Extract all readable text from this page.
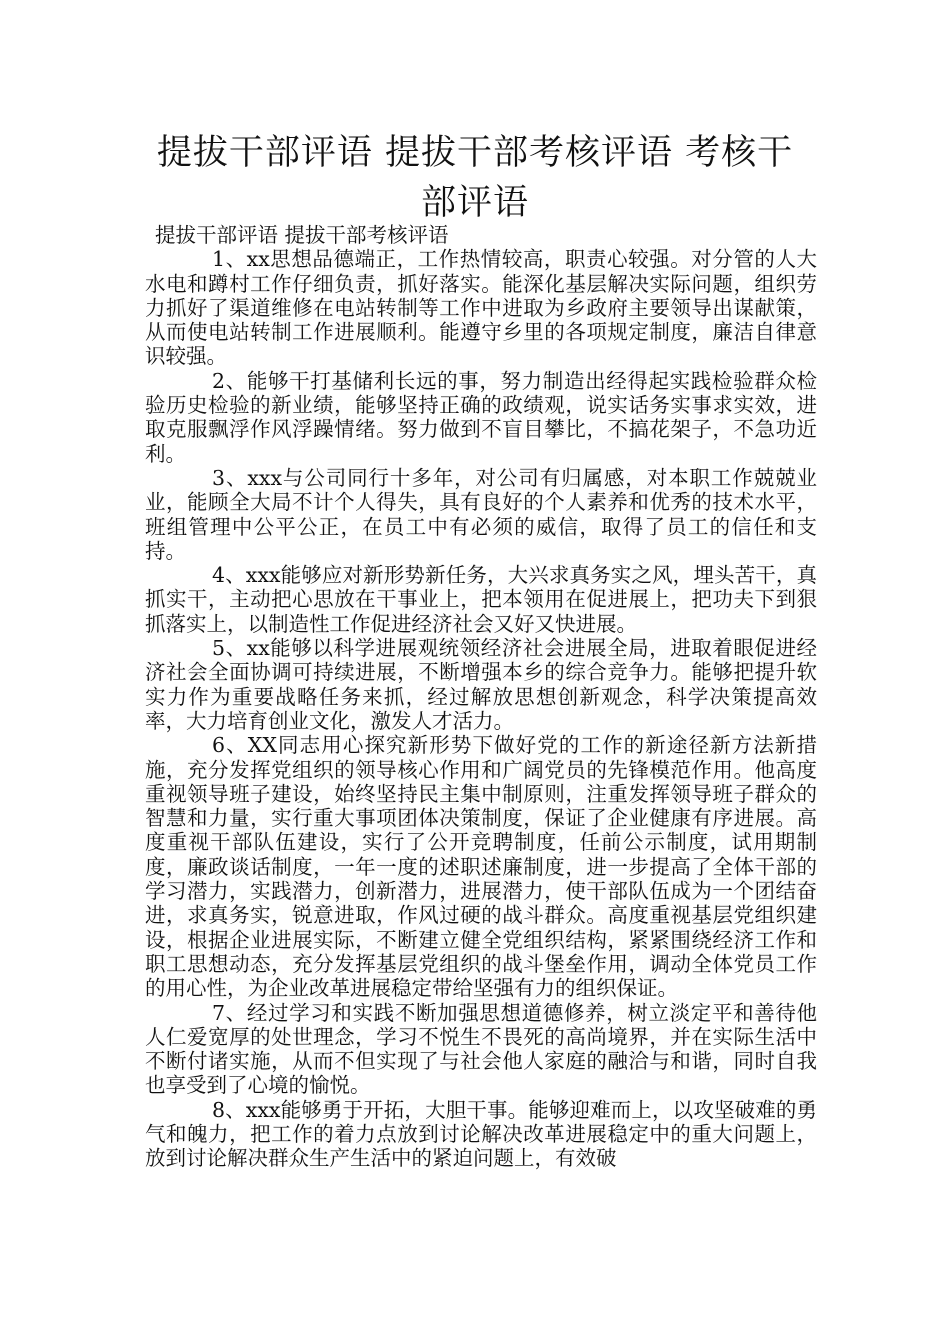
提拔干部评语 提拔干部考核评语 考核干部评语
提拔干部评语 提拔干部考核评语

1、xx思想品德端正，工作热情较高，职责心较强。对分管的人大水电和蹲村工作仔细负责，抓好落实。能深化基层解决实际问题，组织劳力抓好了渠道维修在电站转制等工作中进取为乡政府主要领导出谋献策，从而使电站转制工作进展顺利。能遵守乡里的各项规定制度，廉洁自律意识较强。

2、能够干打基储利长远的事，努力制造出经得起实践检验群众检验历史检验的新业绩，能够坚持正确的政绩观，说实话务实事求实效，进取克服飘浮作风浮躁情绪。努力做到不盲目攀比，不搞花架子，不急功近利。

3、xxx与公司同行十多年，对公司有归属感，对本职工作兢兢业业，能顾全大局不计个人得失，具有良好的个人素养和优秀的技术水平，班组管理中公平公正，在员工中有必须的威信，取得了员工的信任和支持。

4、xxx能够应对新形势新任务，大兴求真务实之风，埋头苦干，真抓实干，主动把心思放在干事业上，把本领用在促进展上，把功夫下到狠抓落实上，以制造性工作促进经济社会又好又快进展。

5、xx能够以科学进展观统领经济社会进展全局，进取着眼促进经济社会全面协调可持续进展，不断增强本乡的综合竞争力。能够把提升软实力作为重要战略任务来抓，经过解放思想创新观念，科学决策提高效率，大力培育创业文化，激发人才活力。

6、XX同志用心探究新形势下做好党的工作的新途径新方法新措施，充分发挥党组织的领导核心作用和广阔党员的先锋模范作用。他高度重视领导班子建设，始终坚持民主集中制原则，注重发挥领导班子群众的智慧和力量，实行重大事项团体决策制度，保证了企业健康有序进展。高度重视干部队伍建设，实行了公开竞聘制度，任前公示制度，试用期制度，廉政谈话制度，一年一度的述职述廉制度，进一步提高了全体干部的学习潜力，实践潜力，创新潜力，进展潜力，使干部队伍成为一个团结奋进，求真务实，锐意进取，作风过硬的战斗群众。高度重视基层党组织建设，根据企业进展实际，不断建立健全党组织结构，紧紧围绕经济工作和职工思想动态，充分发挥基层党组织的战斗堡垒作用，调动全体党员工作的用心性，为企业改革进展稳定带给坚强有力的组织保证。

7、经过学习和实践不断加强思想道德修养，树立淡定平和善待他人仁爱宽厚的处世理念，学习不悦生不畏死的高尚境界，并在实际生活中不断付诸实施，从而不但实现了与社会他人家庭的融洽与和谐，同时自我也享受到了心境的愉悦。

8、xxx能够勇于开拓，大胆干事。能够迎难而上，以攻坚破难的勇气和魄力，把工作的着力点放到讨论解决改革进展稳定中的重大问题上，放到讨论解决群众生产生活中的紧迫问题上，有效破
